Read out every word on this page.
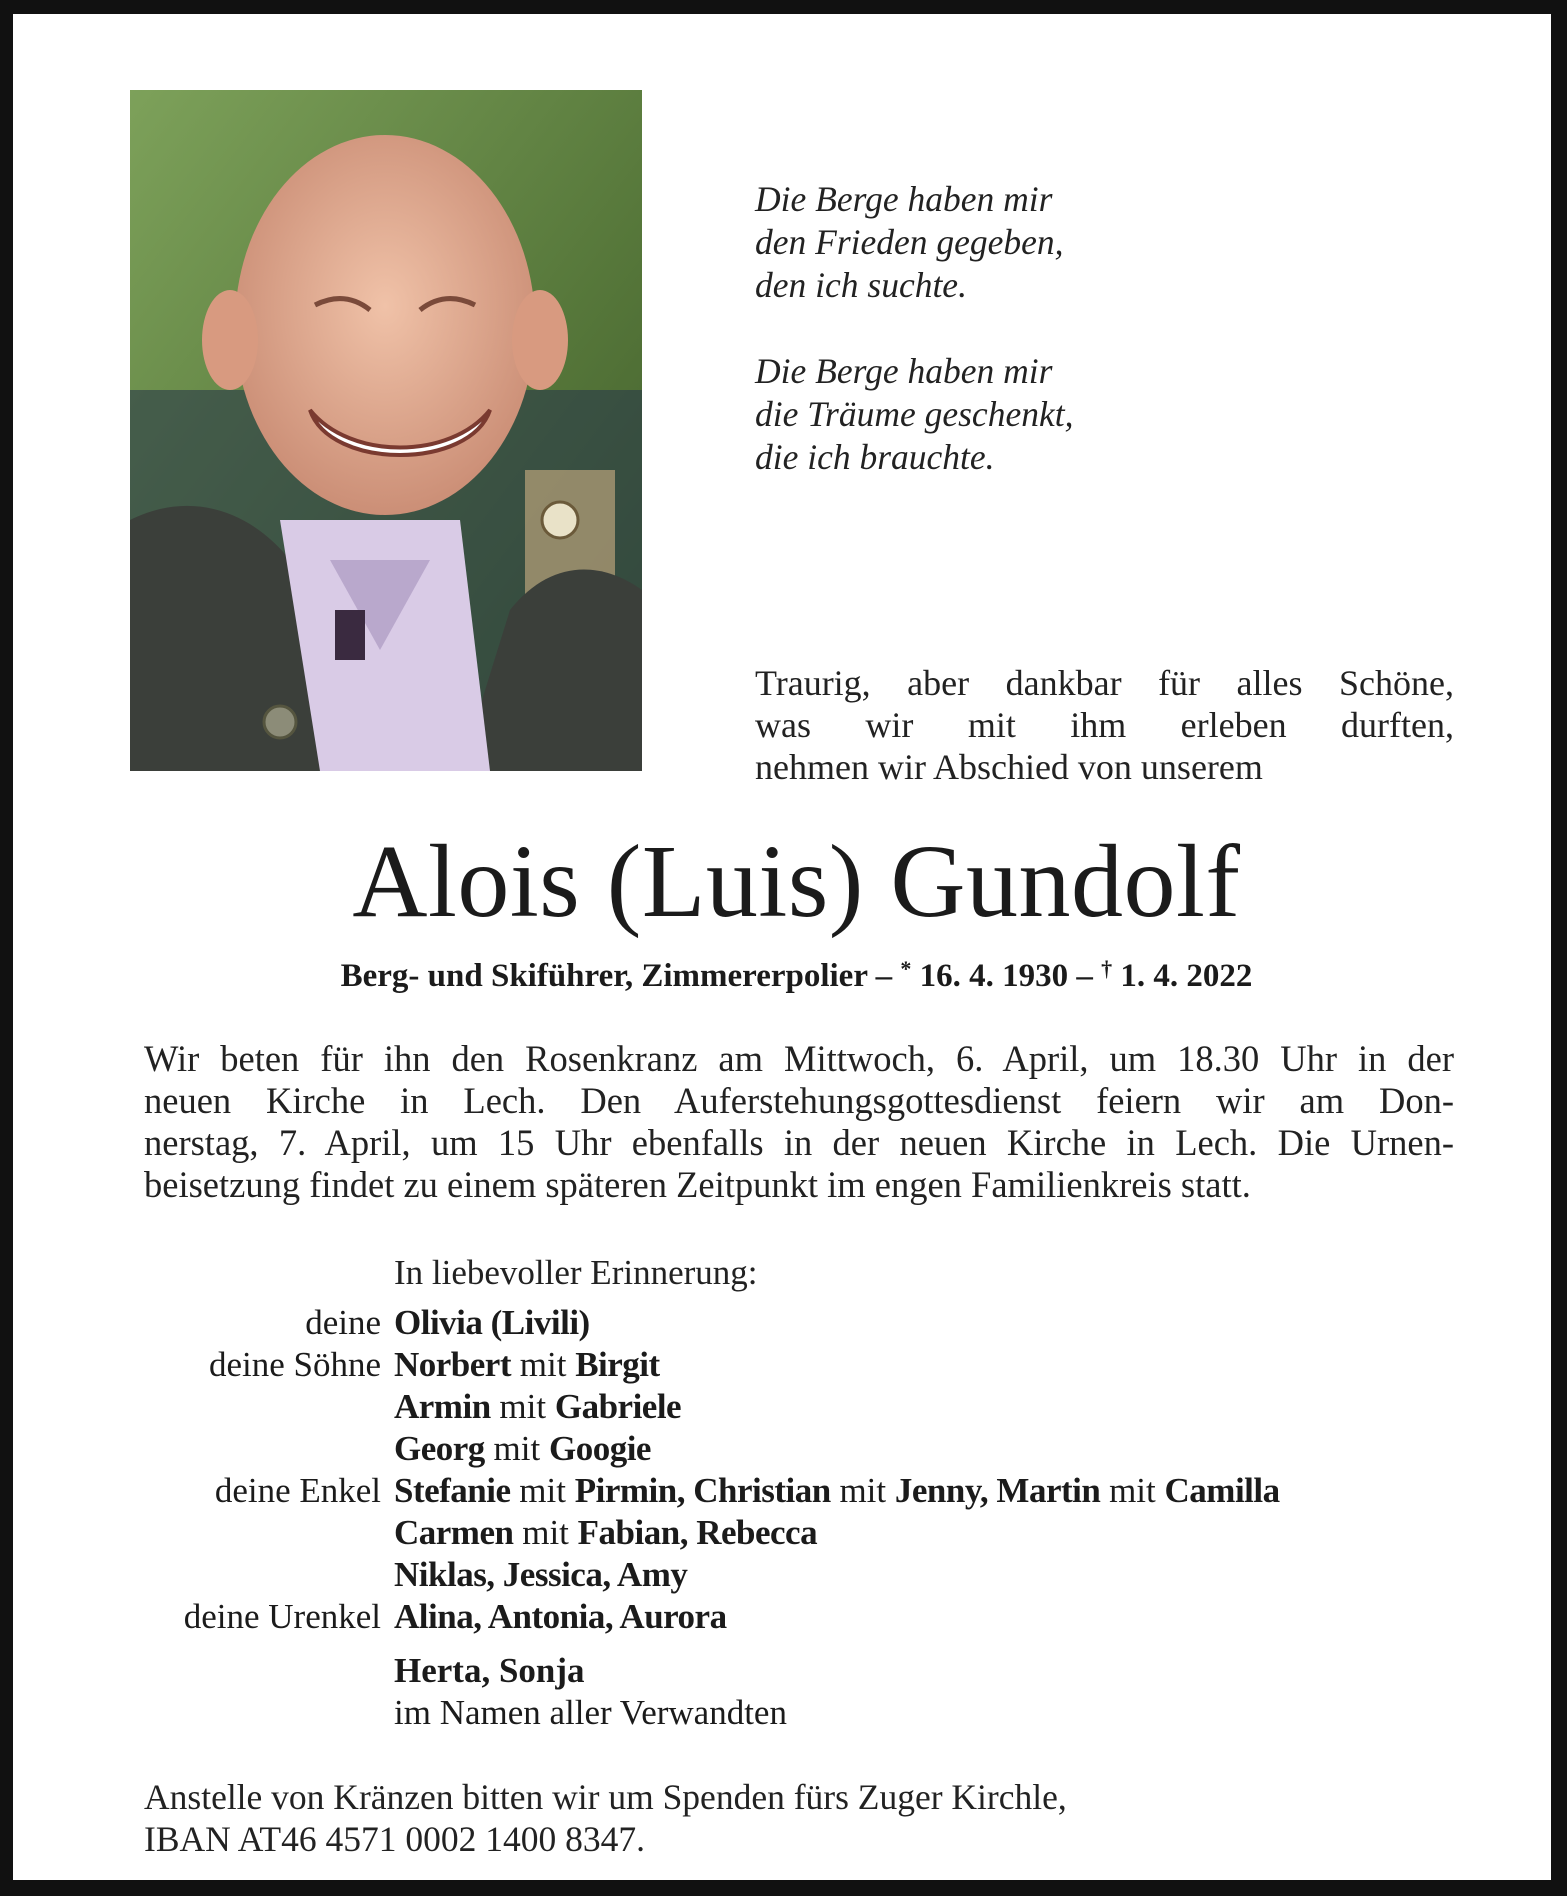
Die Berge haben mir
den Frieden gegeben,
den ich suchte.
Die Berge haben mir
die Träume geschenkt,
die ich brauchte.
Traurig, aber dankbar für alles Schöne,
was wir mit ihm erleben durften,
nehmen wir Abschied von unserem
Alois (Luis) Gundolf
Berg- und Skiführer, Zimmererpolier – * 16. 4. 1930 – † 1. 4. 2022
Wir beten für ihn den Rosenkranz am Mittwoch, 6. April, um 18.30 Uhr in der
neuen Kirche in Lech. Den Auferstehungsgottesdienst feiern wir am Don-
nerstag, 7. April, um 15 Uhr ebenfalls in der neuen Kirche in Lech. Die Urnen-
beisetzung findet zu einem späteren Zeitpunkt im engen Familienkreis statt.
In liebevoller Erinnerung:
deine Olivia (Livili)
deine Söhne Norbert mit Birgit
Armin mit Gabriele
Georg mit Googie
deine Enkel Stefanie mit Pirmin, Christian mit Jenny, Martin mit Camilla
Carmen mit Fabian, Rebecca
Niklas, Jessica, Amy
deine Urenkel Alina, Antonia, Aurora
Herta, Sonja
im Namen aller Verwandten
Anstelle von Kränzen bitten wir um Spenden fürs Zuger Kirchle,
IBAN AT46 4571 0002 1400 8347.
